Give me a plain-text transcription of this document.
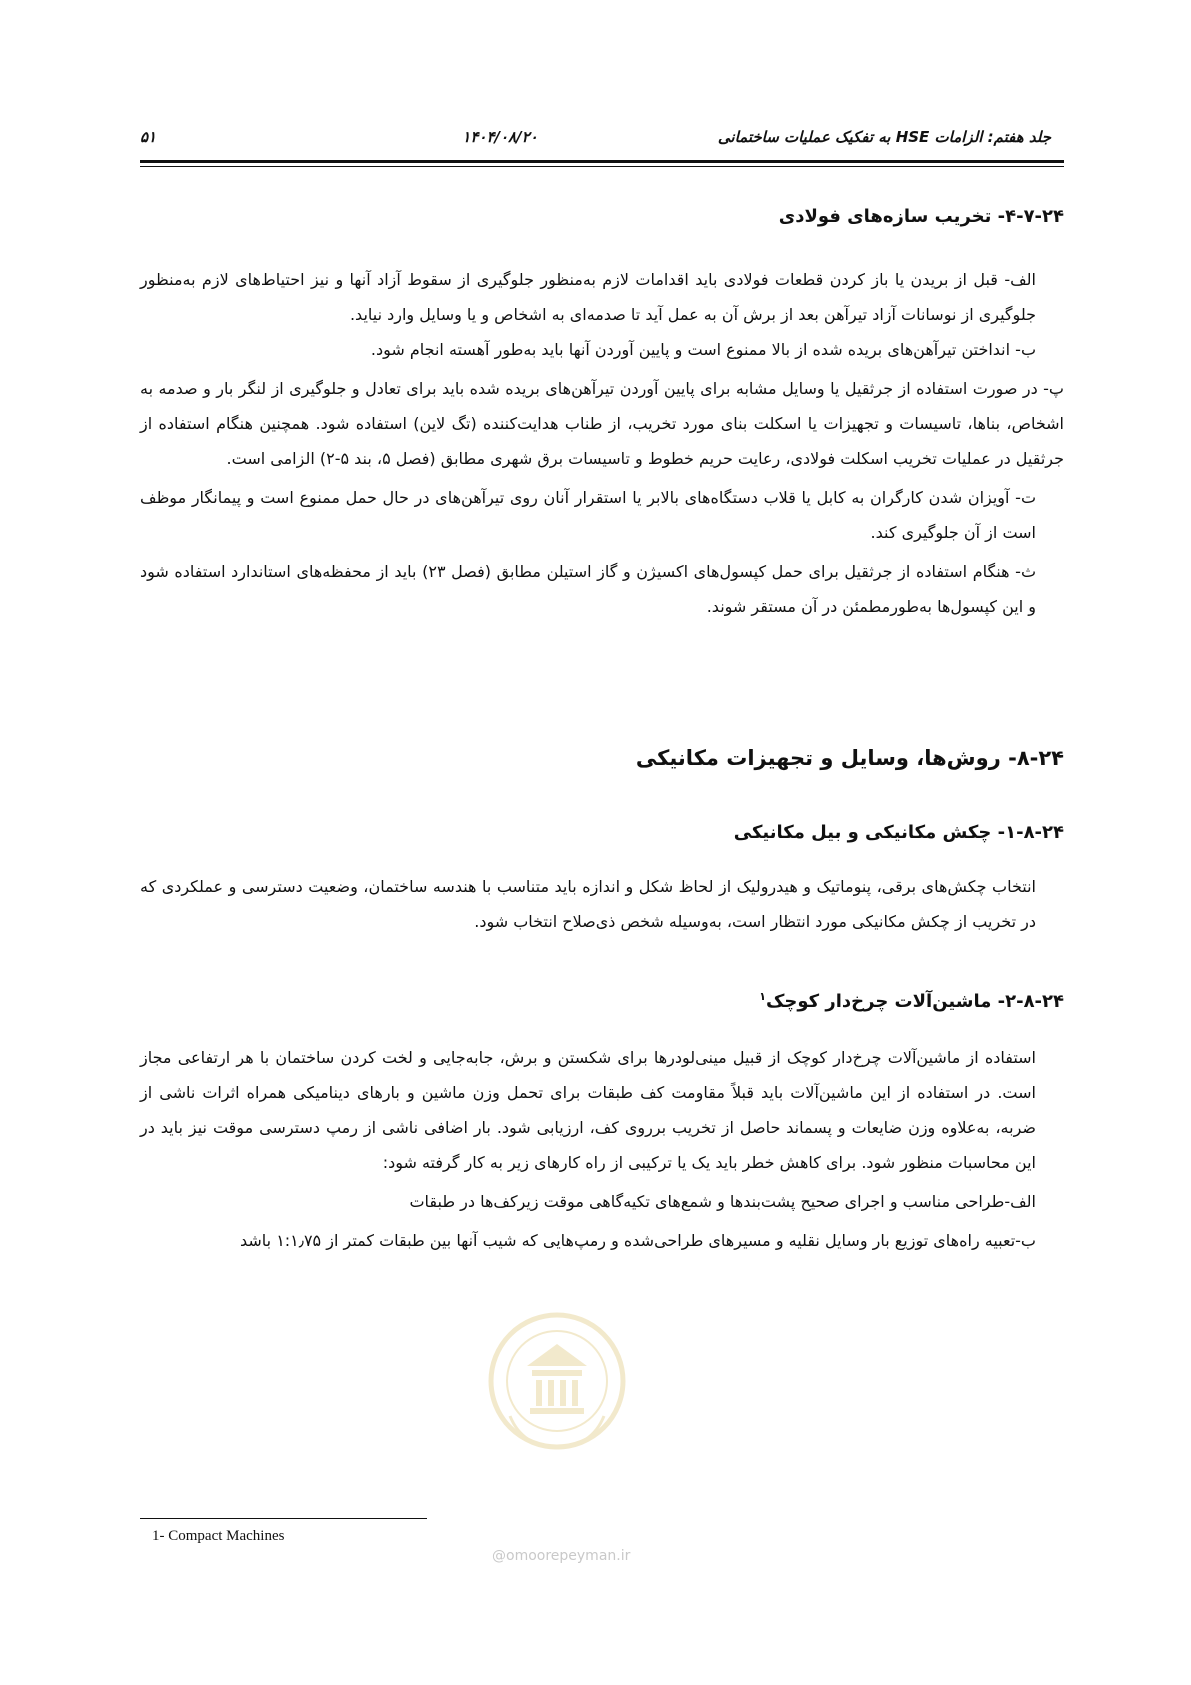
جلد هفتم: الزامات HSE به تفکیک عملیات ساختمانی
۱۴۰۴/۰۸/۲۰
۵۱
۴-۷-۲۴- تخریب سازه‌های فولادی

الف- قبل از بریدن یا باز کردن قطعات فولادی باید اقدامات لازم به‌منظور جلوگیری از سقوط آزاد آنها و نیز احتیاط‌های لازم به‌منظور جلوگیری از نوسانات آزاد تیرآهن بعد از برش آن به عمل آید تا صدمه‌ای به اشخاص و یا وسایل وارد نیاید.

ب- انداختن تیرآهن‌های بریده شده از بالا ممنوع است و پایین آوردن آنها باید به‌طور آهسته انجام شود.

پ- در صورت استفاده از جرثقیل یا وسایل مشابه برای پایین آوردن تیرآهن‌های بریده شده باید برای تعادل و جلوگیری از لنگر بار و صدمه به اشخاص، بناها، تاسیسات و تجهیزات یا اسکلت بنای مورد تخریب، از طناب هدایت‌کننده (تگ لاین) استفاده شود. همچنین هنگام استفاده از جرثقیل در عملیات تخریب اسکلت فولادی، رعایت حریم خطوط و تاسیسات برق شهری مطابق (فصل ۵، بند ۵-۲) الزامی است.

ت- آویزان شدن کارگران به کابل یا قلاب دستگاه‌های بالابر یا استقرار آنان روی تیرآهن‌های در حال حمل ممنوع است و پیمانگار موظف است از آن جلوگیری کند.

ث- هنگام استفاده از جرثقیل برای حمل کپسول‌های اکسیژن و گاز استیلن مطابق (فصل ۲۳) باید از محفظه‌های استاندارد استفاده شود و این کپسول‌ها به‌طورمطمئن در آن مستقر شوند.

۸-۲۴- روش‌ها، وسایل و تجهیزات مکانیکی
۱-۸-۲۴- چکش مکانیکی و بیل مکانیکی

انتخاب چکش‌های برقی، پنوماتیک و هیدرولیک از لحاظ شکل و اندازه باید متناسب با هندسه ساختمان، وضعیت دسترسی و عملکردی که در تخریب از چکش مکانیکی مورد انتظار است، به‌وسیله شخص ذی‌صلاح انتخاب شود.

۲-۸-۲۴- ماشین‌آلات چرخ‌دار کوچک$^۱$

استفاده از ماشین‌آلات چرخ‌دار کوچک از قبیل مینی‌لودرها برای شکستن و برش، جابه‌جایی و لخت کردن ساختمان با هر ارتفاعی مجاز است. در استفاده از این ماشین‌آلات باید قبلاً مقاومت کف طبقات برای تحمل وزن ماشین و بارهای دینامیکی همراه اثرات ناشی از ضربه، به‌علاوه وزن ضایعات و پسماند حاصل از تخریب برروی کف، ارزیابی شود. بار اضافی ناشی از رمپ دسترسی موقت نیز باید در این محاسبات منظور شود. برای کاهش خطر باید یک یا ترکیبی از راه کارهای زیر به کار گرفته شود:

الف-طراحی مناسب و اجرای صحیح پشت‌بندها و شمع‌های تکیه‌گاهی موقت زیرکف‌ها در طبقات

ب-تعبیه راه‌های توزیع بار وسایل نقلیه و مسیرهای طراحی‌شده و رمپ‌هایی که شیب آنها بین طبقات کمتر از ۱:۱٫۷۵ باشد

@omoorepeyman.ir
1- Compact Machines
